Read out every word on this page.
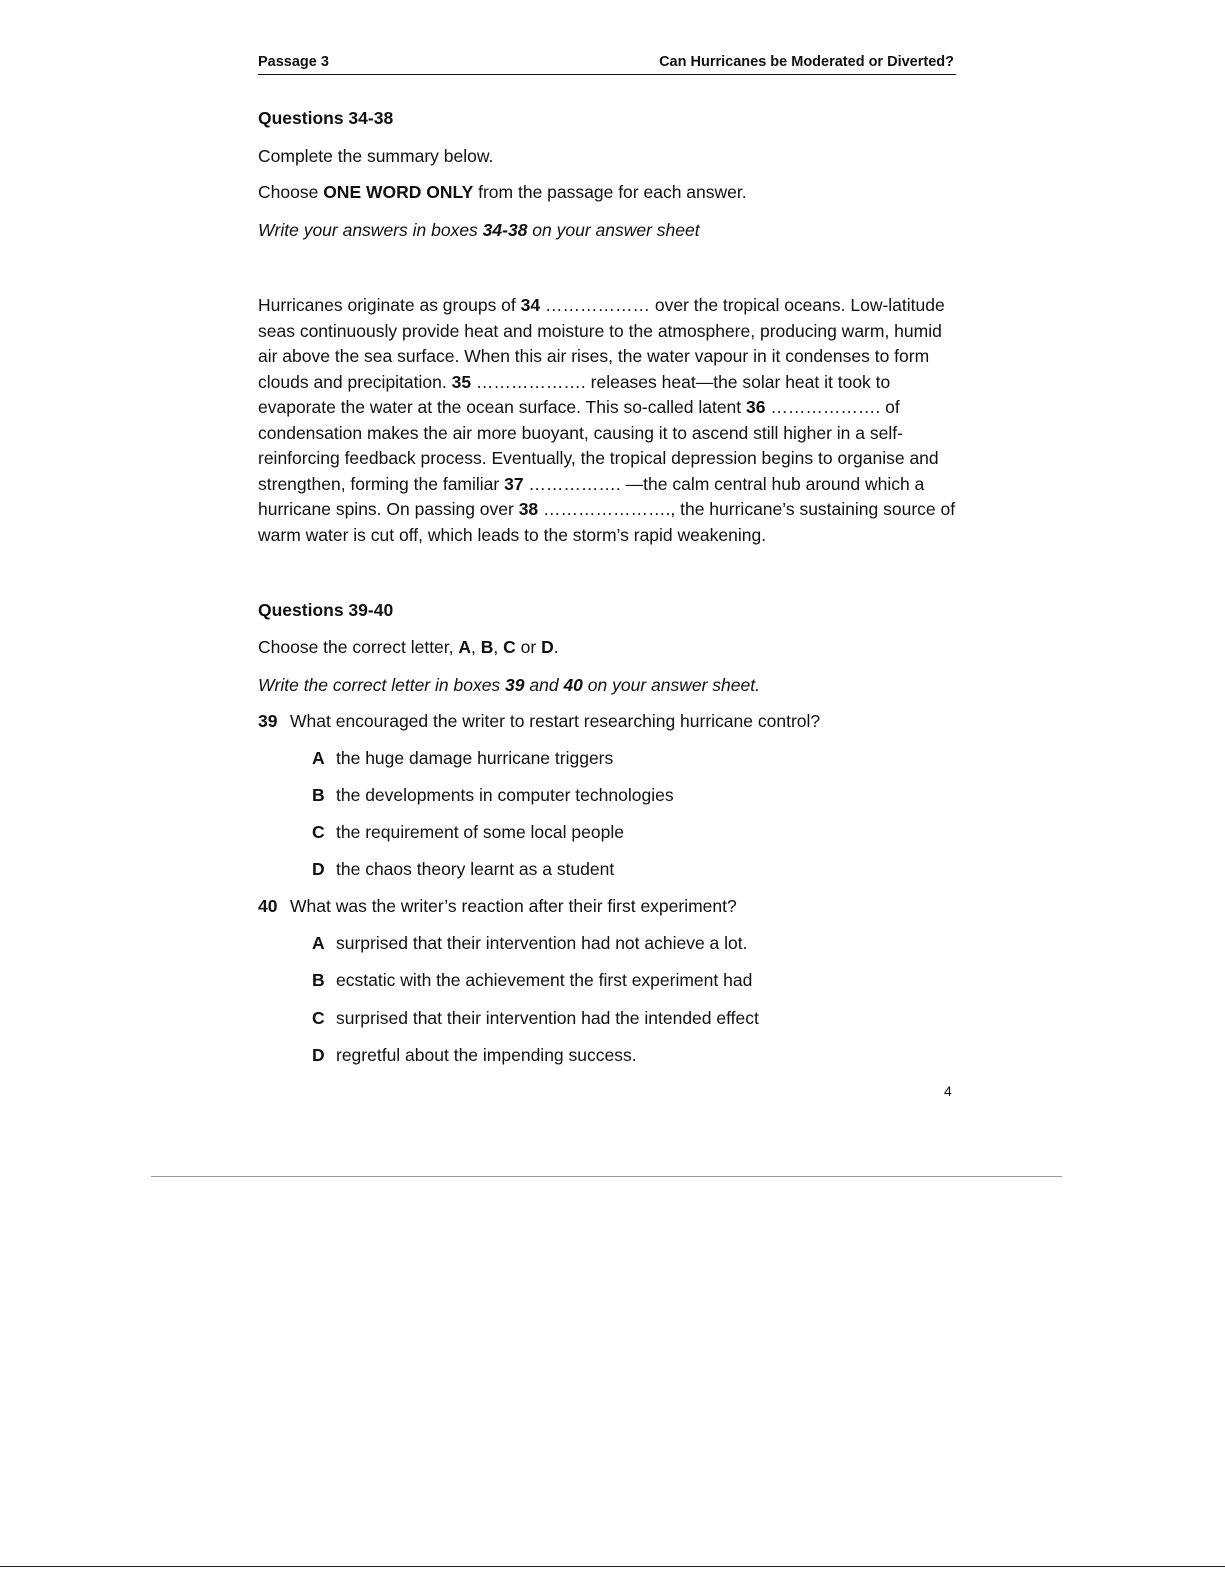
Passage 3	Can Hurricanes be Moderated or Diverted?

Questions 34-38

Complete the summary below.

Choose ONE WORD ONLY from the passage for each answer.

Write your answers in boxes 34-38 on your answer sheet

Hurricanes originate as groups of 34 ……………… over the tropical oceans. Low-latitude seas continuously provide heat and moisture to the atmosphere, producing warm, humid air above the sea surface. When this air rises, the water vapour in it condenses to form clouds and precipitation. 35 ………………. releases heat—the solar heat it took to evaporate the water at the ocean surface. This so-called latent 36 ………………. of condensation makes the air more buoyant, causing it to ascend still higher in a self-reinforcing feedback process. Eventually, the tropical depression begins to organise and strengthen, forming the familiar 37 ……………. —the calm central hub around which a hurricane spins. On passing over 38 …………………., the hurricane’s sustaining source of warm water is cut off, which leads to the storm’s rapid weakening.

Questions 39-40

Choose the correct letter, A, B, C or D.

Write the correct letter in boxes 39 and 40 on your answer sheet.

39 What encouraged the writer to restart researching hurricane control?

A the huge damage hurricane triggers

B the developments in computer technologies

C the requirement of some local people

D the chaos theory learnt as a student

40 What was the writer’s reaction after their first experiment?

A surprised that their intervention had not achieve a lot.

B ecstatic with the achievement the first experiment had

C surprised that their intervention had the intended effect

D regretful about the impending success.

4
